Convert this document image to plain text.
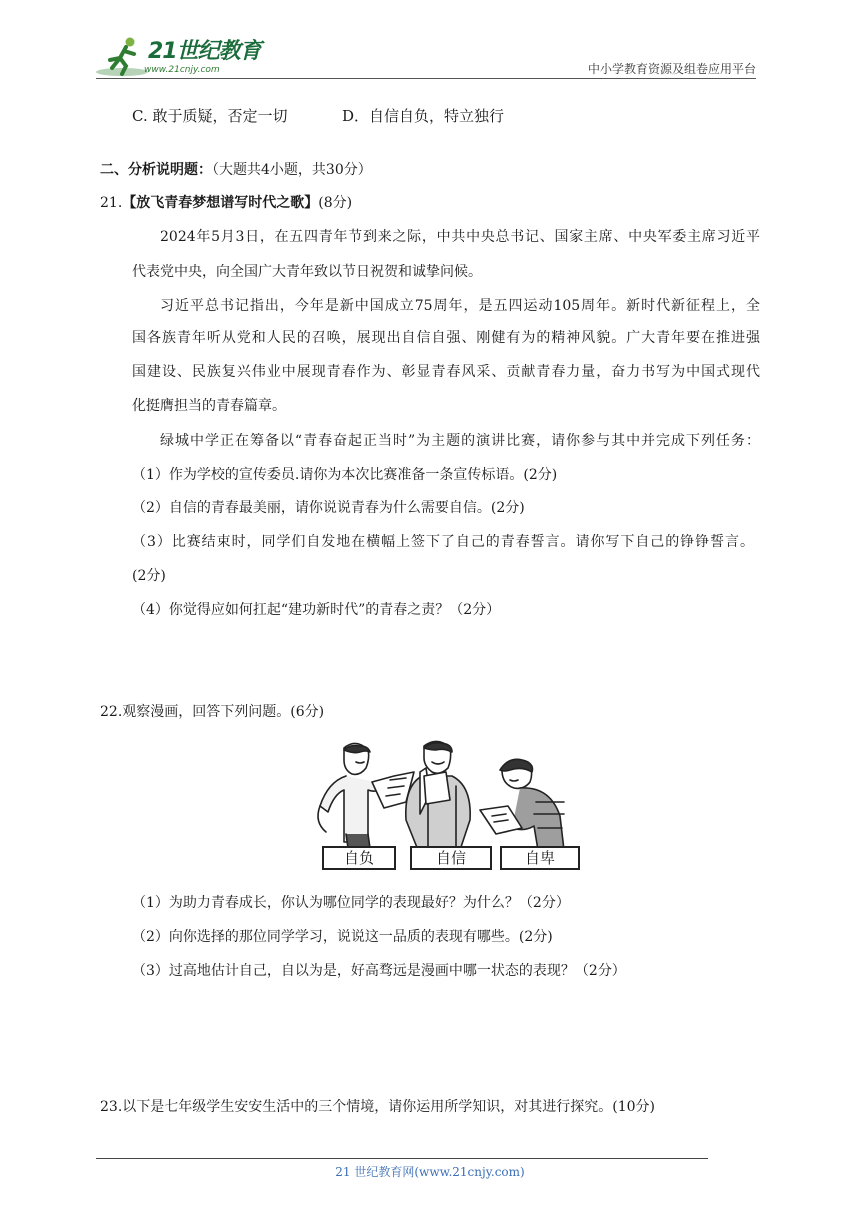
21世纪教育
www.21cnjy.com	中小学教育资源及组卷应用平台
C. 敢于质疑，否定一切	D．自信自负，特立独行
二、分析说明题：（大题共4小题，共30分）
21.【放飞青春梦想谱写时代之歌】(8分)
2024年5月3日，在五四青年节到来之际，中共中央总书记、国家主席、中央军委主席习近平
代表党中央，向全国广大青年致以节日祝贺和诚挚问候。
习近平总书记指出，今年是新中国成立75周年，是五四运动105周年。新时代新征程上，全
国各族青年听从党和人民的召唤，展现出自信自强、刚健有为的精神风貌。广大青年要在推进强
国建设、民族复兴伟业中展现青春作为、彰显青春风采、贡献青春力量，奋力书写为中国式现代
化挺膺担当的青春篇章。
绿城中学正在筹备以“青春奋起正当时”为主题的演讲比赛，请你参与其中并完成下列任务：
（1）作为学校的宣传委员.请你为本次比赛准备一条宣传标语。(2分)
（2）自信的青春最美丽，请你说说青春为什么需要自信。(2分)
（3）比赛结束时，同学们自发地在横幅上签下了自己的青春誓言。请你写下自己的铮铮誓言。
(2分)
（4）你觉得应如何扛起“建功新时代”的青春之责？（2分）
22.观察漫画，回答下列问题。(6分)
自负	自信	自卑
（1）为助力青春成长，你认为哪位同学的表现最好？为什么？（2分）
（2）向你选择的那位同学学习，说说这一品质的表现有哪些。(2分)
（3）过高地估计自己，自以为是，好高骛远是漫画中哪一状态的表现？（2分）
23.以下是七年级学生安安生活中的三个情境，请你运用所学知识，对其进行探究。(10分)
21 世纪教育网(www.21cnjy.com)
